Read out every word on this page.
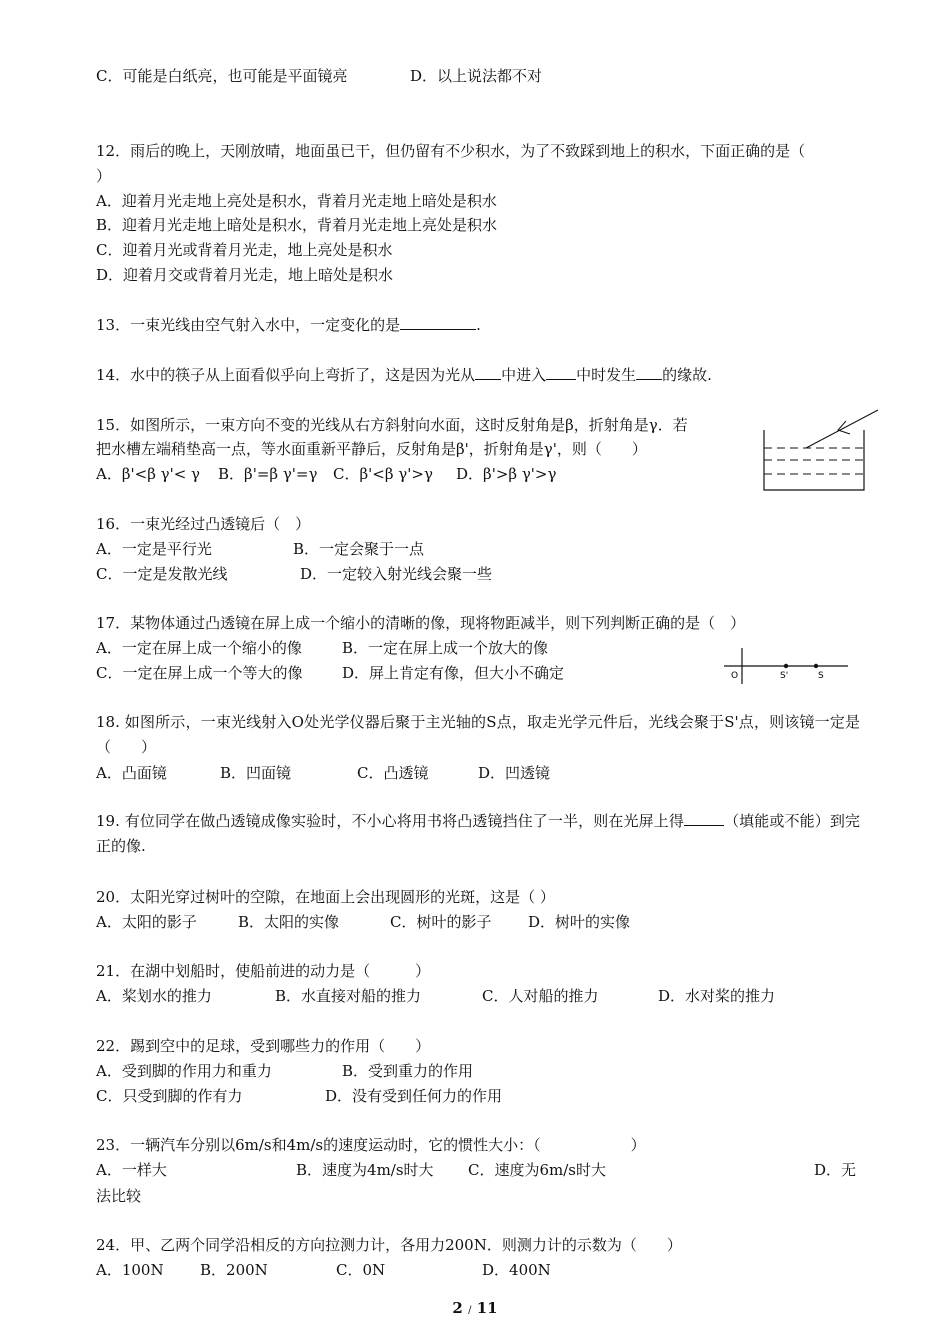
C．可能是白纸亮，也可能是平面镜亮	D．以上说法都不对
12．雨后的晚上，天刚放晴，地面虽已干，但仍留有不少积水，为了不致踩到地上的积水，下面正确的是（
）
A．迎着月光走地上亮处是积水，背着月光走地上暗处是积水
B．迎着月光走地上暗处是积水，背着月光走地上亮处是积水
C．迎着月光或背着月光走，地上亮处是积水
D．迎着月交或背着月光走，地上暗处是积水
13．一束光线由空气射入水中，一定变化的是	.
14．水中的筷子从上面看似乎向上弯折了，这是因为光从 中进入 中时发生 的缘故.
15．如图所示，一束方向不变的光线从右方斜射向水面，这时反射角是β，折射角是γ．若
把水槽左端稍垫高一点，等水面重新平静后，反射角是β'，折射角是γ'，则（　　）
A．β'<β γ'< γ B．β'=β γ'=γ C．β'<β γ'>γ D．β'>β γ'>γ
16．一束光经过凸透镜后（　）
A．一定是平行光	B．一定会聚于一点
C．一定是发散光线	D．一定较入射光线会聚一些
17．某物体通过凸透镜在屏上成一个缩小的清晰的像，现将物距减半，则下列判断正确的是（　）
A．一定在屏上成一个缩小的像	B．一定在屏上成一个放大的像
C．一定在屏上成一个等大的像	D．屏上肯定有像，但大小不确定	O	S'	S
18. 如图所示，一束光线射入O处光学仪器后聚于主光轴的S点，取走光学元件后，光线会聚于S'点，则该镜一定是（　　）
A．凸面镜	B．凹面镜	C．凸透镜	D．凹透镜
19. 有位同学在做凸透镜成像实验时，不小心将用书将凸透镜挡住了一半，则在光屏上得	（填能或不能）到完正的像.
20．太阳光穿过树叶的空隙，在地面上会出现圆形的光斑，这是（ ）
A．太阳的影子	B．太阳的实像	C．树叶的影子 D．树叶的实像
21．在湖中划船时，使船前进的动力是（　　　）
A．桨划水的推力	B．水直接对船的推力	C．人对船的推力	D．水对桨的推力
22．踢到空中的足球，受到哪些力的作用（　　）
A．受到脚的作用力和重力	B．受到重力的作用
C．只受到脚的作有力	D．没有受到任何力的作用
23．一辆汽车分别以6m/s和4m/s的速度运动时，它的惯性大小：（　　　　　　）
A．一样大	B．速度为4m/s时大 C．速度为6m/s时大	D．无
法比较
24．甲、乙两个同学沿相反的方向拉测力计，各用力200N．则测力计的示数为（　　）
A．100N B．200N	C．0N	D．400N
2 / 11
